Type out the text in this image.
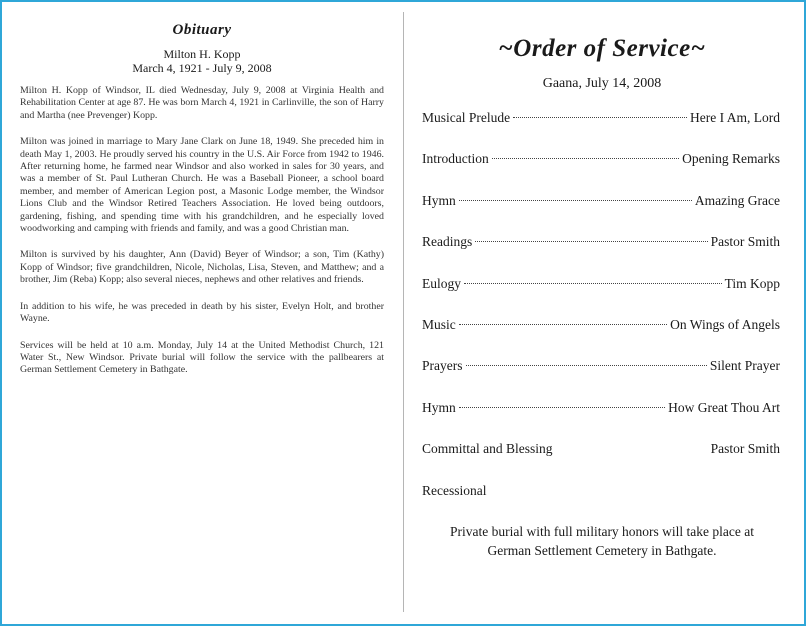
Obituary
Milton H. Kopp
March 4, 1921 - July 9, 2008

Milton H. Kopp of Windsor, IL died Wednesday, July 9, 2008 at Virginia Health and Rehabilitation Center at age 87. He was born March 4, 1921 in Carlinville, the son of Harry and Martha (nee Prevenger) Kopp.

Milton was joined in marriage to Mary Jane Clark on June 18, 1949. She preceded him in death May 1, 2003. He proudly served his country in the U.S. Air Force from 1942 to 1946. After returning home, he farmed near Windsor and also worked in sales for 30 years, and was a member of St. Paul Lutheran Church. He was a Baseball Pioneer, a school board member, and member of American Legion post, a Masonic Lodge member, the Windsor Lions Club and the Windsor Retired Teachers Association. He loved being outdoors, gardening, fishing, and spending time with his grandchildren, and he especially loved woodworking and camping with friends and family, and was a good Christian man.

Milton is survived by his daughter, Ann (David) Beyer of Windsor; a son, Tim (Kathy) Kopp of Windsor; five grandchildren, Nicole, Nicholas, Lisa, Steven, and Matthew; and a brother, Jim (Reba) Kopp; also several nieces, nephews and other relatives and friends.

In addition to his wife, he was preceded in death by his sister, Evelyn Holt, and brother Wayne.

Services will be held at 10 a.m. Monday, July 14 at the United Methodist Church, 121 Water St., New Windsor. Private burial will follow the service with the pallbearers at German Settlement Cemetery in Bathgate.

~Order of Service~
Gaana, July 14, 2008
Musical Prelude	Here I Am, Lord
Introduction	Opening Remarks
Hymn	Amazing Grace
Readings	Pastor Smith
Eulogy	Tim Kopp
Music	On Wings of Angels
Prayers	Silent Prayer
Hymn	How Great Thou Art
Committal and Blessing	Pastor Smith
Recessional

Private burial with full military honors will take place at German Settlement Cemetery in Bathgate.
